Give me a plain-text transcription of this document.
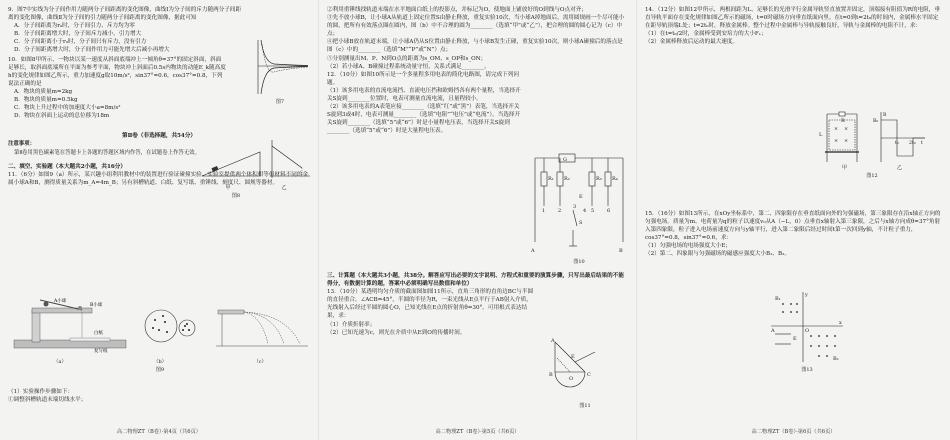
9．图7中实线为分子间作用力随两分子间距离的变化图像，曲线Ⅰ为分子间的斥力随两分子间距离的变化图像，曲线Ⅱ为分子间的引力随两分子间距离的变化图像，据此可知

A．分子间距离为r₀时，分子间引力、斥力均为零

B．分子间距离增大时，分子间斥力减小，引力增大

C．分子间距离小于r₀时，分子间只有斥力，没有引力

D．分子间距离增大时，分子间作用力可能先增大后减小再增大

图7

10．如图8甲所示，一物块以某一速度从斜面底端冲上一倾角θ=37°的固定斜面，斜面足够长，取斜面底端所在平面为参考平面，物块冲上斜面后0.5s内物块的动能E_k随高度h的变化规律如图乙所示，重力加速度g取10m/s²，sin37°=0.6，cos37°=0.8，下列说法正确的是

A．物块的质量m=2kg

B．物块的质量m=0.5kg

C．物块上升过程中的加速度大小a=8m/s²

D．物块在斜面上运动的总位移为18m

甲	乙
图8

第Ⅱ卷（非选择题，共54分）

注意事项：

第Ⅱ卷用黑色碳素笔在答题卡上各题的答题区域内作答，在试题卷上作答无效。

二、填空、实验题（本大题共2小题，共16分）

11．（6分）如图9（a）所示，某兴趣小组利用教材中的装置进行验证碰撞实验。实验室提供两个体积相等但材料不同的金属小球A和B，测得质量关系为m_A=4m_B；另有斜槽轨道、白纸、复写纸、重锤线、刻度尺、圆规等器材。

A小球
B小球
白纸
复写纸
（a）	（b）	（c）
图9

（1）实验操作步骤如下：

①调整斜槽轨道末端切线水平；

高二物理ZT（B卷）·第4页（共6页）

②利用重锤线找轨道末端在水平地面白纸上的投影点，并标记为O，使地面上铺放好的O到线与O点对齐；

③先不放小球B，让小球A从轨道上固定位置S由静止释放，重复实验10次，当小球A掉地面后，需用圆规画一个尽可能小的圆，把所有有效落点圈在圆内，图（b）中不合理的圆为________（选填“甲”或“乙”），把合理的圆的圆心记为（c）中点；

④把小球B放在轨道末端，让小球A仍从S位置由静止释放，与小球B发生正碰，重复实验10次，则小球A碰撞后的落点是图（c）中的________（选填“M”“P”或“N”）点；

⑤分别测量出M、P、N到O点的距离为s_OM、s_OP和s_ON；

（2）若小球A、B碰撞过程系统动量守恒，关系式满足________。

12．（10分）如图10所示是一个多量程多用电表的简化电路图，请完成下列问题。

（1）该多用电表的直流电流挡、直流电压挡和欧姆挡各有两个量程，当选择开关S旋到________位置时，电表可测量直流电流，且量程较小。

（2）该多用电表的A表笔应接________（选填“红”或“黑”）表笔，当选择开关S旋到3或4时，电表可测量________（选填“电阻”“电压”或“电流”），当选择开关S旋到________（选填“5”或“6”）时是小量程电压表，当选择开关S旋到________（选填“5”或“6”）时是大量程电压表。

G
R₁ R₂	R₃ R₄
1	2
3
4 5	6
S
E
A	B
图10

三、计算题（本大题共3小题，共38分。解答应写出必要的文字说明、方程式和重要的演算步骤，只写出最后结果的不能得分，有数据计算的题，答案中必须明确写出数值和单位）

13．（10分）某透明均匀介质的截面图如图11所示，直角三角形的直角边BC与半圆的直径重合，∠ACB=45°，半圆的半径为R，一束光线从E点平行于AB射入介质，光线射入后经过半圆的圆心O，已知光线在E点的折射角θ=30°。可用根式表达结果，求：

（1）介质折射率；

（2）已知光速为c，则光在介质中从E到O的传播时间。

A
B	C
E
O
图11
高二物理ZT（B卷）·第5页（共6页）

14．（12分）如图12甲所示，两根间距为L、足够长的光滑平行金属导轨竖直放置并固定，顶端接有阻值为R的电阻，垂直导轨平面存在变化规律如图乙所示的磁场，t=0时磁场方向垂直纸面向里。在t=0到t=2t₀的时间内，金属棒水平固定在距导轨顶端L处；t=2t₀时，释放金属棒。整个过程中金属棒与导轨接触良好，导轨与金属棒的电阻不计，求：

（1）在t=t₀/2时，金属棒受到安培力的大小F₁；

（2）金属棒释放后运动的最大速度。

× ×
× ×
R
L
B
B₀
t₀ 2t₀ t
甲	乙
图12

15．（16分）如图13所示，在xOy坐标系中，第二、四象限存在垂直纸面向外的匀强磁场，第三象限存在沿x轴正方向的匀强电场。质量为m、电荷量为q的粒子以速度v₀从A（−L，0）点垂直x轴射入第三象限，之后与x轴方向成θ=37°角射入第四象限，粒子进入电场前速度方向与y轴平行，进入第二象限后经过时间t第一次回到y轴，不计粒子重力，cos37°=0.8，sin37°=0.6，求：

（1）匀强电场的电场强度大小E；

（2）第二、四象限与匀强磁场的磁感应强度大小B₁、B₂。

y
x
O
A
E
B₁
B₂
图13
高二物理ZT（B卷）·第6页（共6页）
